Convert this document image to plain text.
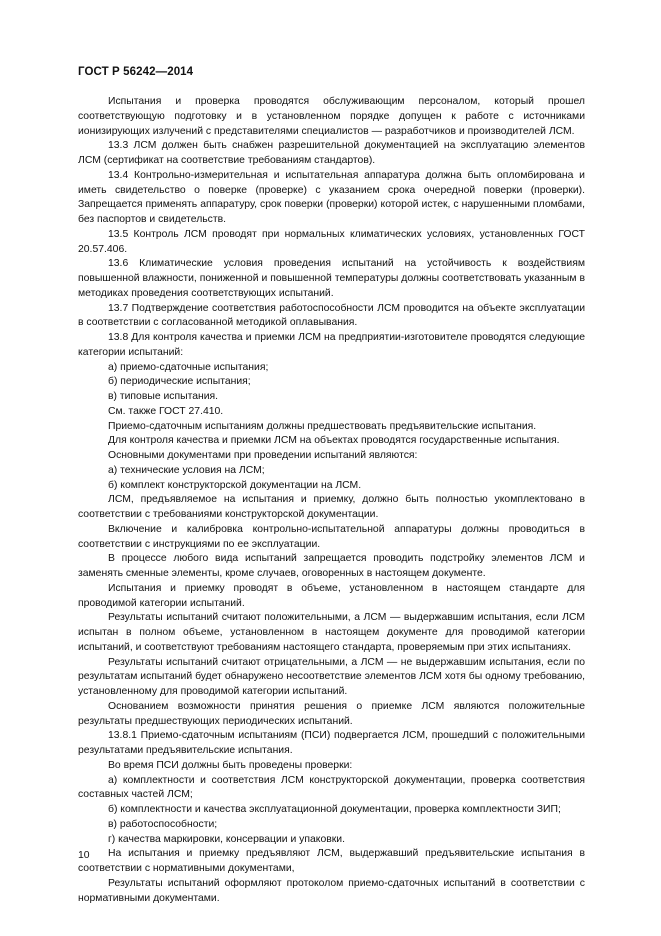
ГОСТ Р 56242—2014

Испытания и проверка проводятся обслуживающим персоналом, который прошел соответствующую подготовку и в установленном порядке допущен к работе с источниками ионизирующих излучений с представителями специалистов — разработчиков и производителей ЛСМ.

13.3 ЛСМ должен быть снабжен разрешительной документацией на эксплуатацию элементов ЛСМ (сертификат на соответствие требованиям стандартов).

13.4 Контрольно-измерительная и испытательная аппаратура должна быть опломбирована и иметь свидетельство о поверке (проверке) с указанием срока очередной поверки (проверки). Запрещается применять аппаратуру, срок поверки (проверки) которой истек, с нарушенными пломбами, без паспортов и свидетельств.

13.5 Контроль ЛСМ проводят при нормальных климатических условиях, установленных ГОСТ 20.57.406.

13.6 Климатические условия проведения испытаний на устойчивость к воздействиям повышенной влажности, пониженной и повышенной температуры должны соответствовать указанным в методиках проведения соответствующих испытаний.

13.7 Подтверждение соответствия работоспособности ЛСМ проводится на объекте эксплуатации в соответствии с согласованной методикой оплавывания.

13.8 Для контроля качества и приемки ЛСМ на предприятии-изготовителе проводятся следующие категории испытаний:

а) приемо-сдаточные испытания;

б) периодические испытания;

в) типовые испытания.

См. также ГОСТ 27.410.

Приемо-сдаточным испытаниям должны предшествовать предъявительские испытания.

Для контроля качества и приемки ЛСМ на объектах проводятся государственные испытания.

Основными документами при проведении испытаний являются:

а) технические условия на ЛСМ;

б) комплект конструкторской документации на ЛСМ.

ЛСМ, предъявляемое на испытания и приемку, должно быть полностью укомплектовано в соответствии с требованиями конструкторской документации.

Включение и калибровка контрольно-испытательной аппаратуры должны проводиться в соответствии с инструкциями по ее эксплуатации.

В процессе любого вида испытаний запрещается проводить подстройку элементов ЛСМ и заменять сменные элементы, кроме случаев, оговоренных в настоящем документе.

Испытания и приемку проводят в объеме, установленном в настоящем стандарте для проводимой категории испытаний.

Результаты испытаний считают положительными, а ЛСМ — выдержавшим испытания, если ЛСМ испытан в полном объеме, установленном в настоящем документе для проводимой категории испытаний, и соответствуют требованиям настоящего стандарта, проверяемым при этих испытаниях.

Результаты испытаний считают отрицательными, а ЛСМ — не выдержавшим испытания, если по результатам испытаний будет обнаружено несоответствие элементов ЛСМ хотя бы одному требованию, установленному для проводимой категории испытаний.

Основанием возможности принятия решения о приемке ЛСМ являются положительные результаты предшествующих периодических испытаний.

13.8.1 Приемо-сдаточным испытаниям (ПСИ) подвергается ЛСМ, прошедший с положительными результатами предъявительские испытания.

Во время ПСИ должны быть проведены проверки:

а) комплектности и соответствия ЛСМ конструкторской документации, проверка соответствия составных частей ЛСМ;

б) комплектности и качества эксплуатационной документации, проверка комплектности ЗИП;

в) работоспособности;

г) качества маркировки, консервации и упаковки.

На испытания и приемку предъявляют ЛСМ, выдержавший предъявительские испытания в соответствии с нормативными документами,

Результаты испытаний оформляют протоколом приемо-сдаточных испытаний в соответствии с нормативными документами.

10
